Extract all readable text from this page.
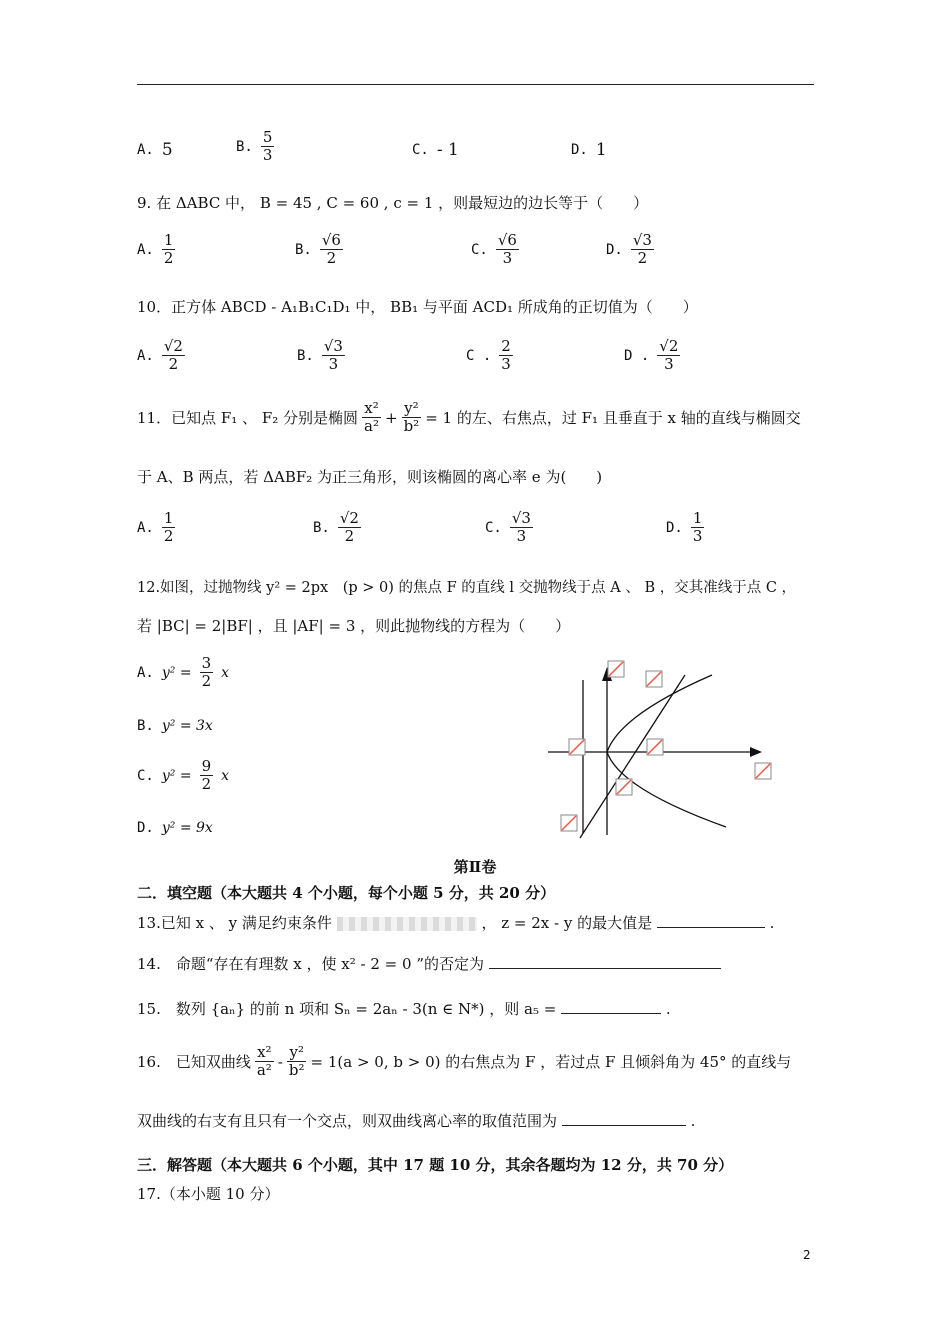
A. 5	B. $\frac{5}{3}$	C. - 1	D. 1
9. 在 ΔABC 中， B = 45 , C = 60 , c = 1 ，则最短边的边长等于（　　）
A. $\frac{1}{2}$	B. $\frac{√6}{2}$	C. $\frac{√6}{3}$	D. $\frac{√3}{2}$
10．正方体 ABCD - A₁B₁C₁D₁ 中， BB₁ 与平面 ACD₁ 所成角的正切值为（　　）
A. $\frac{√2}{2}$	B. $\frac{√3}{3}$	C . $\frac{2}{3}$	D . $\frac{√2}{3}$
11．已知点 F₁ 、 F₂ 分别是椭圆 $\frac{\text{x²}}{\text{a²}} + \frac{\text{y²}}{\text{b²}} = 1$ 的左、右焦点，过 F₁ 且垂直于 x 轴的直线与椭圆交
于 A、B 两点，若 ΔABF₂ 为正三角形，则该椭圆的离心率 e 为(　　)
A. $\frac{1}{2}$	B. $\frac{√2}{2}$	C. $\frac{√3}{3}$	D. $\frac{1}{3}$
12.如图，过抛物线 y² = 2px　(p > 0) 的焦点 F 的直线 l 交抛物线于点 A 、 B ，交其准线于点 C ，
若 |BC| = 2|BF| ，且 |AF| = 3 ，则此抛物线的方程为（　　）
A. $y^2 = \frac{3}{2}$ x
B. y² = 3x
C. $y^2 = \frac{9}{2}$ x
D. y² = 9x
第Ⅱ卷
二．填空题（本大题共 4 个小题，每个小题 5 分，共 20 分）
13.已知 x 、 y 满足约束条件	， z = 2x - y 的最大值是	.
14.　命题“存在有理数 x ，使 x² - 2 = 0 ”的否定为
15.　数列 {aₙ} 的前 n 项和 Sₙ = 2aₙ - 3(n ∈ N*) ，则 a₅ =	.
16.　已知双曲线 $\frac{\text{x²}}{\text{a²}} - \frac{\text{y²}}{\text{b²}} = 1(a > 0$, b > 0) 的右焦点为 F ，若过点 F 且倾斜角为 45° 的直线与
双曲线的右支有且只有一个交点，则双曲线离心率的取值范围为	.
三．解答题（本大题共 6 个小题，其中 17 题 10 分，其余各题均为 12 分，共 70 分）
17.（本小题 10 分）
2
